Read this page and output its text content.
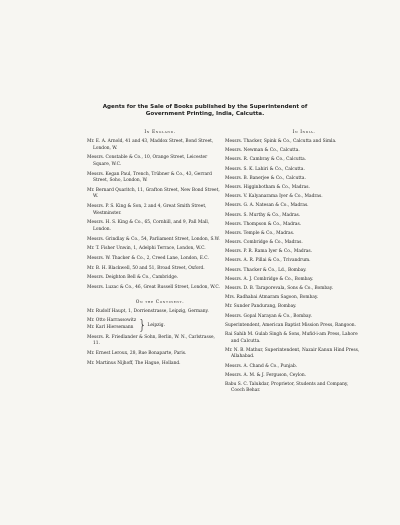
Agents for the Sale of Books published by the Superintendent of Government Printing, India, Calcutta.
In England.
Mr. E. A. Arnold, 41 and 43, Maddox Street, Bond Street, London, W.
Messrs. Constable & Co., 10, Orange Street, Leicester Square, W.C.
Messrs. Kegan Paul, Trench, Trübner & Co., 43, Gerrard Street, Soho, London, W.
Mr. Bernard Quaritch, 11, Grafton Street, New Bond Street, W.
Messrs. P. S. King & Son, 2 and 4, Great Smith Street, Westminster.
Messrs. H. S. King & Co., 65, Cornhill, and 9, Pall Mall, London.
Messrs. Grindlay & Co., 54, Parliament Street, London, S.W.
Mr. T. Fisher Unwin, 1, Adelphi Terrace, London, W.C.
Messrs. W. Thacker & Co., 2, Creed Lane, London, E.C.
Mr. B. H. Blackwell, 50 and 51, Broad Street, Oxford.
Messrs. Deighton Bell & Co., Cambridge.
Messrs. Luzac & Co., 46, Great Russell Street, London, W.C.
On the Continent.
Mr. Rudolf Haupt, 1, Dorrienstrasse, Leipzig, Germany.
Mr. Otto Harrassowitz
Mr. Karl Hiersemann } Leipzig.
Messrs. R. Friedlander & Sohn, Berlin, W. N., Carlstrasse, 11.
Mr. Ernest Leroux, 28, Rue Bonaparte, Paris.
Mr. Martinus Nijhoff, The Hague, Holland.
In India.
Messrs. Thacker, Spink & Co., Calcutta and Simla.
Messrs. Newman & Co., Calcutta.
Messrs. R. Cambray & Co., Calcutta.
Messrs. S. K. Lahiri & Co., Calcutta.
Messrs. B. Banerjee & Co., Calcutta.
Messrs. Higginbotham & Co., Madras.
Messrs. V. Kalyanarama Iyer & Co., Madras.
Messrs. G. A. Natesan & Co., Madras.
Messrs. S. Murthy & Co., Madras.
Messrs. Thompson & Co., Madras.
Messrs. Temple & Co., Madras.
Messrs. Combridge & Co., Madras.
Messrs. P. R. Rama Iyer & Co., Madras.
Messrs. A. R. Pillai & Co., Trivandrum.
Messrs. Thacker & Co., Ld., Bombay.
Messrs. A. J. Combridge & Co., Bombay.
Messrs. D. B. Taraporevala, Sons & Co., Bombay.
Mrs. Radhabai Atmaram Sagoon, Bombay.
Mr. Sunder Pandurang, Bombay.
Messrs. Gopal Narayan & Co., Bombay.
Superintendent, American Baptist Mission Press, Rangoon.
Rai Sahib M. Gulab Singh & Sons, Mufid-i-am Press, Lahore and Calcutta.
Mr. N. B. Mathur, Superintendent, Nazair Kanun Hind Press, Allahabad.
Messrs. A. Chand & Co., Punjab.
Messrs. A. M. & J. Ferguson, Ceylon.
Babu S. C. Talukdar, Proprietor, Students and Company, Cooch Behar.
